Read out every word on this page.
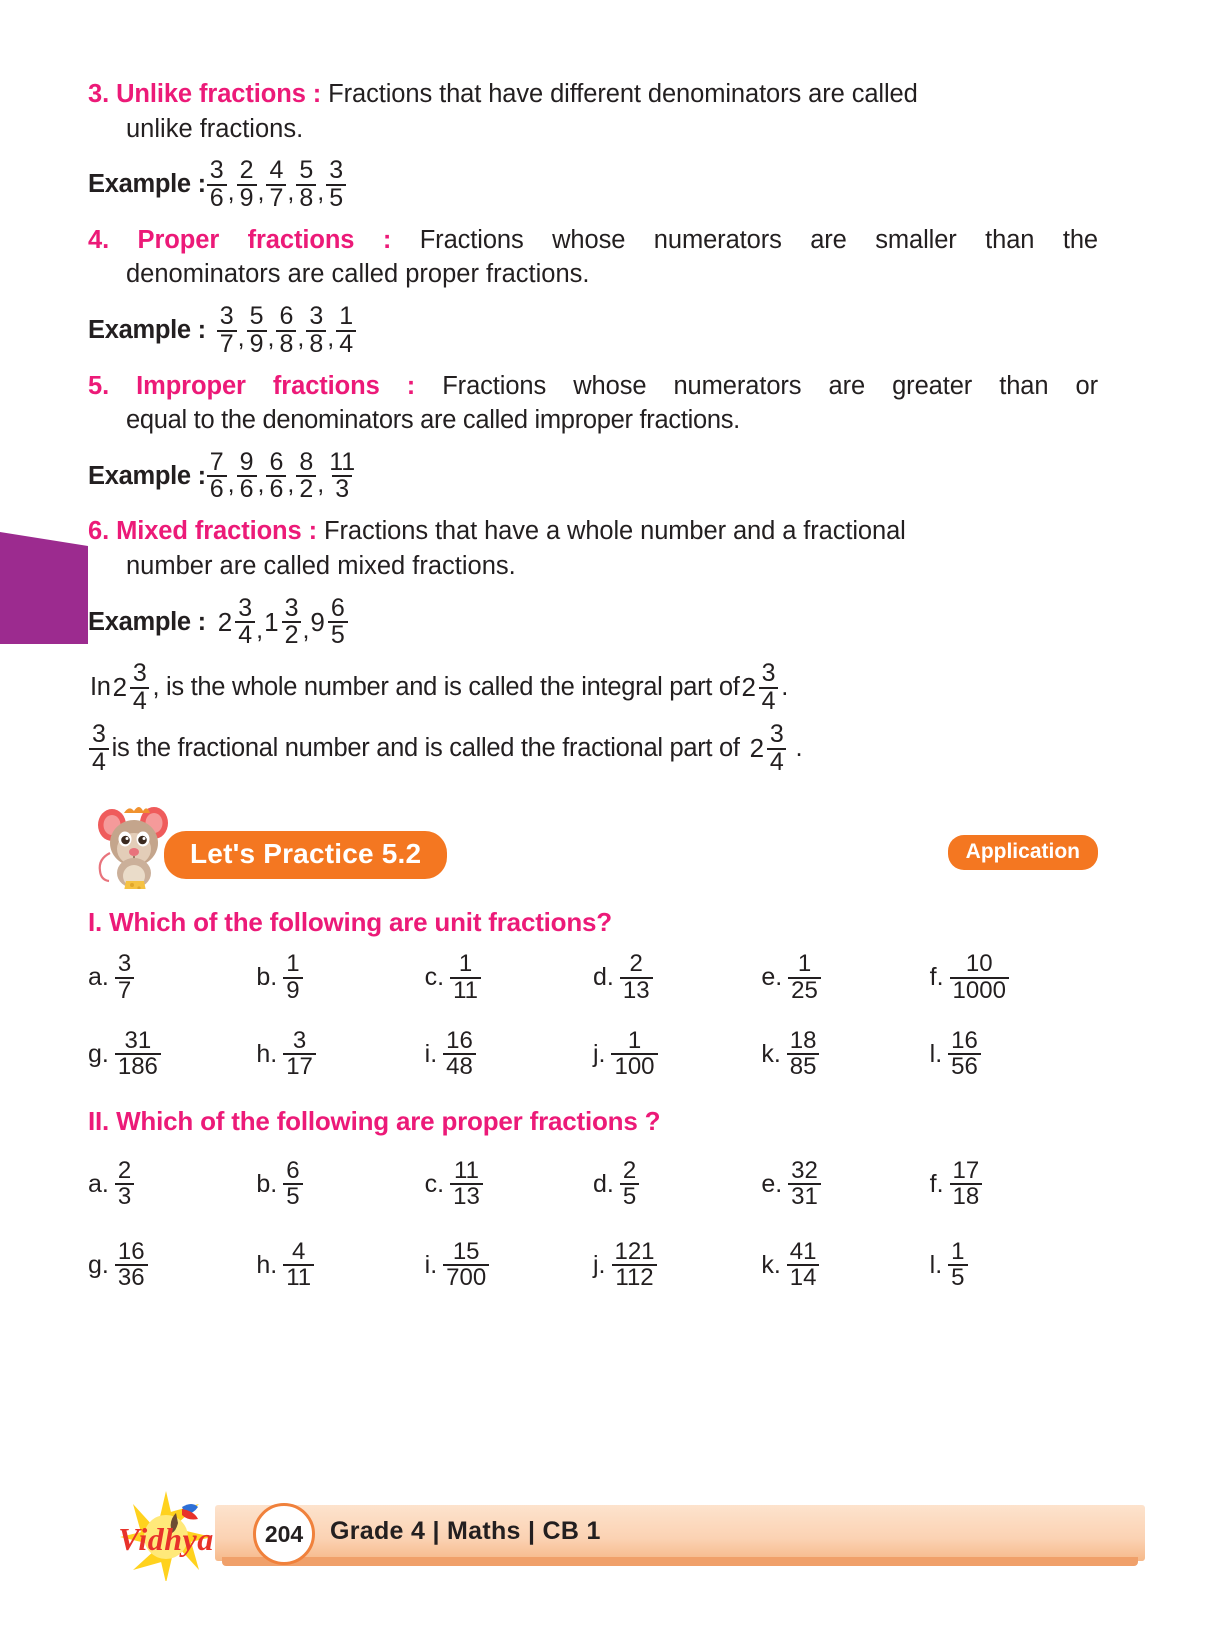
3. Unlike fractions : Fractions that have different denominators are called
unlike fractions.
Example : $\frac{3}{6}$ , $\frac{2}{9}$ , $\frac{4}{7}$ , $\frac{5}{8}$ , $\frac{3}{5}$
4. Proper fractions : Fractions whose numerators are smaller than the
denominators are called proper fractions.
Example : $\frac{3}{7}$ , $\frac{5}{9}$ , $\frac{6}{8}$ , $\frac{3}{8}$ , $\frac{1}{4}$
5. Improper fractions : Fractions whose numerators are greater than or
equal to the denominators are called improper fractions.
Example : $\frac{7}{6}$ , $\frac{9}{6}$ , $\frac{6}{6}$ , $\frac{8}{2}$ , $\frac{11}{3}$
6. Mixed fractions : Fractions that have a whole number and a fractional
number are called mixed fractions.
Example : $2 \frac{3}{4}$ , $1 \frac{3}{2}$ , $9 \frac{6}{5}$
In $2 \frac{3}{4}$ , is the whole number and is called the integral part of $2 \frac{3}{4}$ .
$\frac{3}{4}$ is the fractional number and is called the fractional part of $2 \frac{3}{4}$ .
Let's Practice 5.2	Application
I. Which of the following are unit fractions?
a. $\frac{3}{7}$	b. $\frac{1}{9}$	c. $\frac{1}{11}$	d. $\frac{2}{13}$	e. $\frac{1}{25}$	f. $\frac{10}{1000}$
g. $\frac{31}{186}$	h. $\frac{3}{17}$	i. $\frac{16}{48}$	j. $\frac{1}{100}$	k. $\frac{18}{85}$	l. $\frac{16}{56}$
II. Which of the following are proper fractions ?
a. $\frac{2}{3}$	b. $\frac{6}{5}$	c. $\frac{11}{13}$	d. $\frac{2}{5}$	e. $\frac{32}{31}$	f. $\frac{17}{18}$
g. $\frac{16}{36}$	h. $\frac{4}{11}$	i. $\frac{15}{700}$	j. $\frac{121}{112}$	k. $\frac{41}{14}$	l. $\frac{1}{5}$
Vidhya	204	Grade 4 | Maths | CB 1
